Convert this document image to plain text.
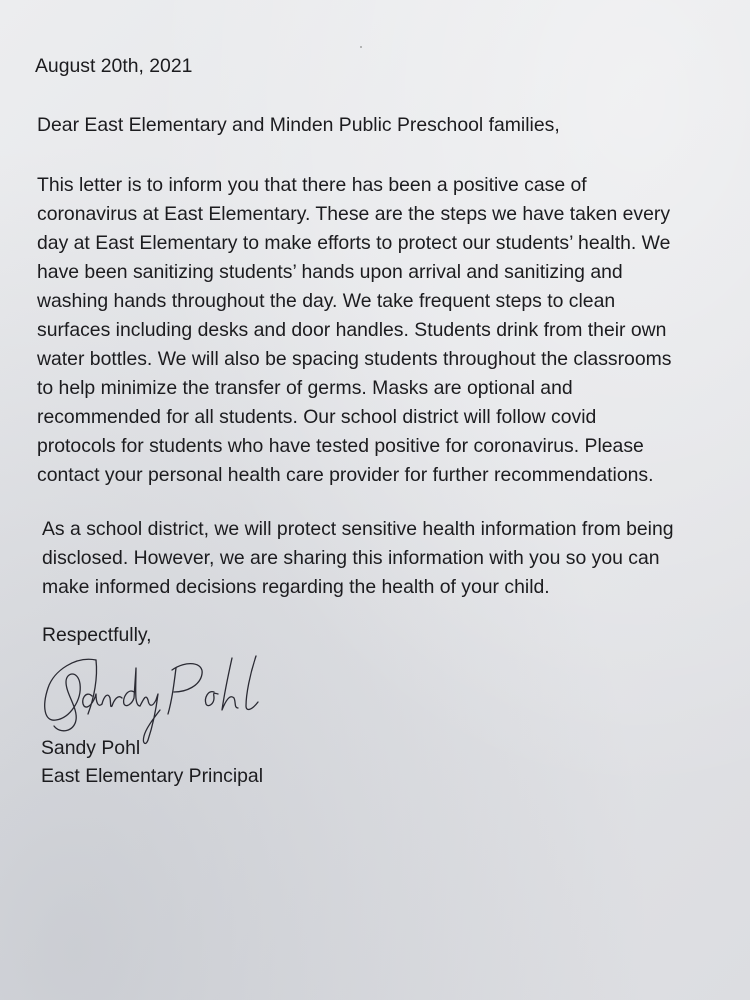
August 20th, 2021
Dear East Elementary and Minden Public Preschool families,
This letter is to inform you that there has been a positive case of
coronavirus at East Elementary. These are the steps we have taken every
day at East Elementary to make efforts to protect our students’ health. We
have been sanitizing students’ hands upon arrival and sanitizing and
washing hands throughout the day. We take frequent steps to clean
surfaces including desks and door handles. Students drink from their own
water bottles. We will also be spacing students throughout the classrooms
to help minimize the transfer of germs. Masks are optional and
recommended for all students. Our school district will follow covid
protocols for students who have tested positive for coronavirus. Please
contact your personal health care provider for further recommendations.
As a school district, we will protect sensitive health information from being
disclosed. However, we are sharing this information with you so you can
make informed decisions regarding the health of your child.
Respectfully,
Sandy Pohl
East Elementary Principal
